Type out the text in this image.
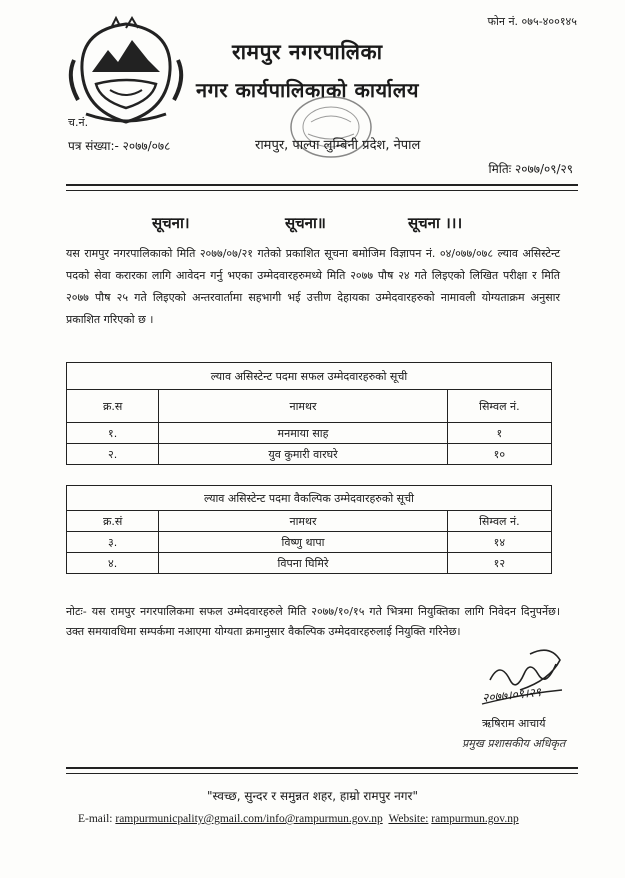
फोन नं. ०७५-४००१४५
रामपुर नगरपालिका
नगर कार्यपालिकाको कार्यालय
च.नं.
पत्र संख्या:- २०७७/०७८	रामपुर, पाल्पा लुम्बिनी प्रदेश, नेपाल
मितिः २०७७/०९/२९
सूचना।	सूचना॥	सूचना ।।।
यस रामपुर नगरपालिकाको मिति २०७७/०७/२१ गतेको प्रकाशित सूचना बमोजिम विज्ञापन नं. ०४/०७७/०७८ ल्याव असिस्टेन्ट पदको सेवा करारका लागि आवेदन गर्नु भएका उम्मेदवारहरुमध्ये मिति २०७७ पौष २४ गते लिइएको लिखित परीक्षा र मिति २०७७ पौष २५ गते लिइएको अन्तरवार्तामा सहभागी भई उत्तीण देहायका उम्मेदवारहरुको नामावली योग्यताक्रम अनुसार प्रकाशित गरिएको छ ।
ल्याव असिस्टेन्ट पदमा सफल उम्मेदवारहरुको सूची		
क्र.स	नामथर	सिम्वल नं.
१.	मनमाया साह	१
२.	युव कुमारी वारघरे	१०
ल्याव असिस्टेन्ट पदमा वैकल्पिक उम्मेदवारहरुको सूची		
क्र.सं	नामथर	सिम्वल नं.
३.	विष्णु थापा	१४
४.	विपना घिमिरे	१२
नोटः- यस रामपुर नगरपालिकमा सफल उम्मेदवारहरुले मिति २०७७/१०/१५ गते भित्रमा नियुक्तिका लागि निवेदन दिनुपर्नेछ। उक्त समयावधिमा सम्पर्कमा नआएमा योग्यता क्रमानुसार वैकल्पिक उम्मेदवारहरुलाई नियुक्ति गरिनेछ।
२०७७।०९।२९
ऋषिराम आचार्य
प्रमुख प्रशासकीय अधिकृत
"स्वच्छ, सुन्दर र समुन्नत शहर, हाम्रो रामपुर नगर"
E-mail: rampurmunicpality@gmail.com/info@rampurmun.gov.np Website: rampurmun.gov.np
